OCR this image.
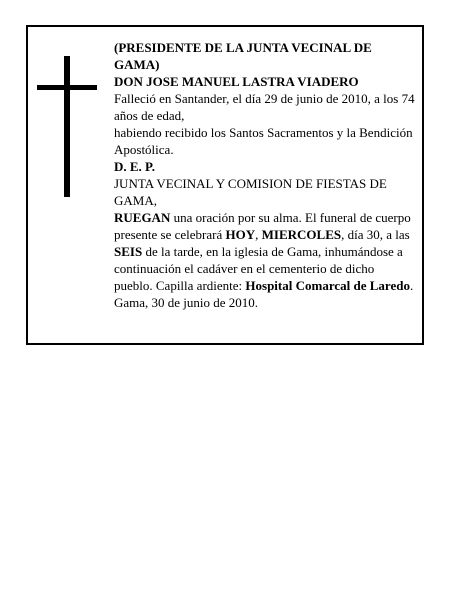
(PRESIDENTE DE LA JUNTA VECINAL DE GAMA)

DON JOSE MANUEL LASTRA VIADERO

Falleció en Santander, el día 29 de junio de 2010, a los 74 años de edad,

habiendo recibido los Santos Sacramentos y la Bendición Apostólica.

D. E. P.

JUNTA VECINAL Y COMISION DE FIESTAS DE GAMA,

RUEGAN una oración por su alma. El funeral de cuerpo presente se celebrará HOY, MIERCOLES, día 30, a las SEIS de la tarde, en la iglesia de Gama, inhumándose a continuación el cadáver en el cementerio de dicho pueblo. Capilla ardiente: Hospital Comarcal de Laredo.

Gama, 30 de junio de 2010.
